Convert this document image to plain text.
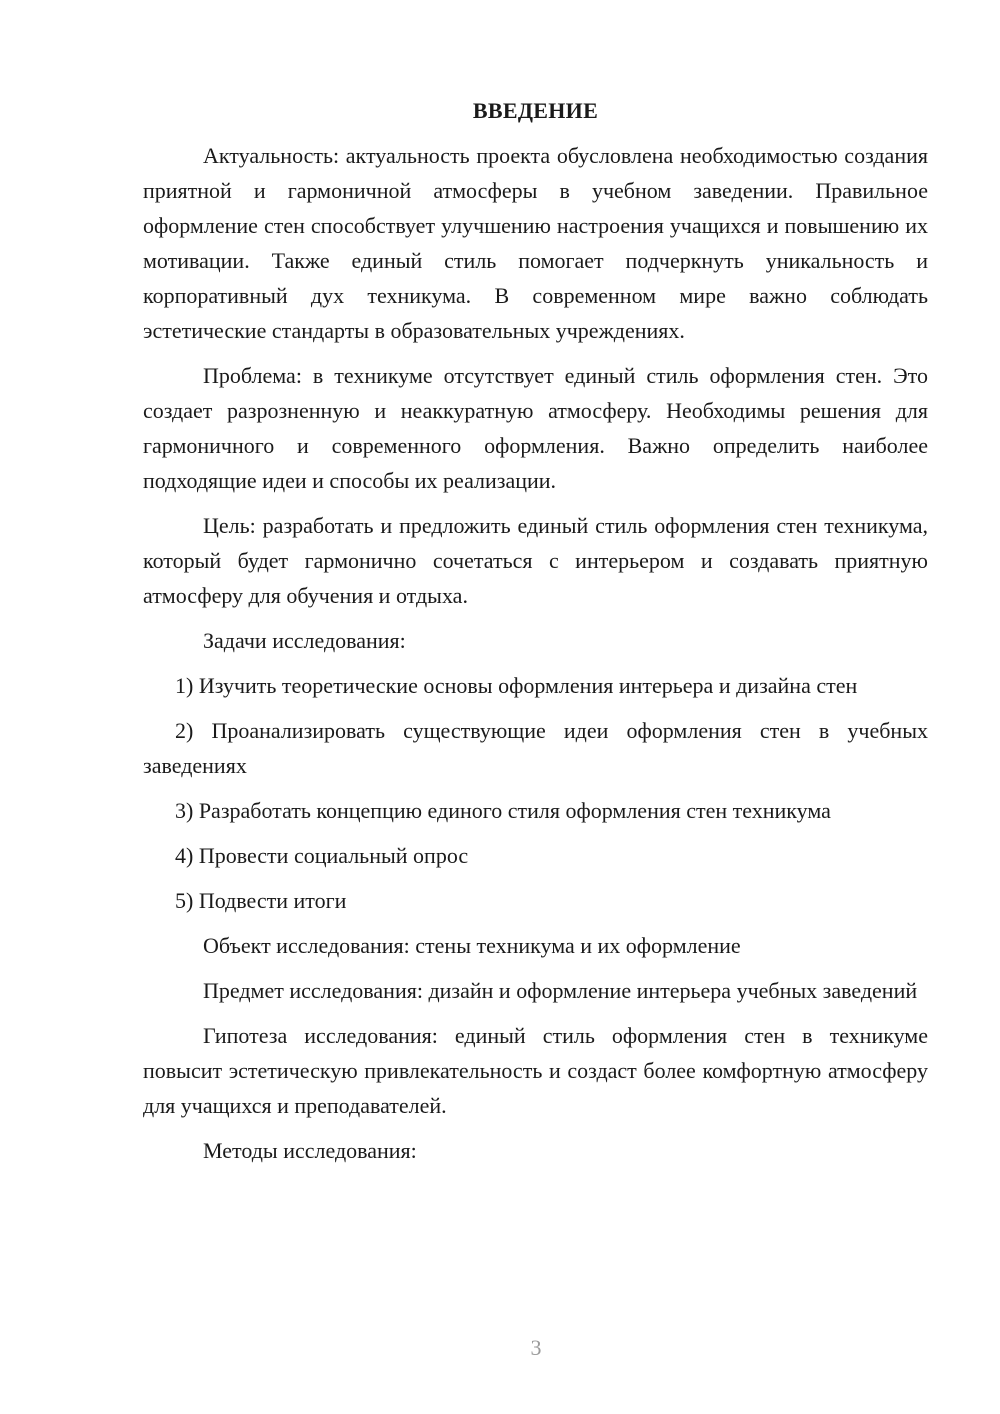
ВВЕДЕНИЕ

Актуальность: актуальность проекта обусловлена необходимостью создания приятной и гармоничной атмосферы в учебном заведении. Правильное оформление стен способствует улучшению настроения учащихся и повышению их мотивации. Также единый стиль помогает подчеркнуть уникальность и корпоративный дух техникума. В современном мире важно соблюдать эстетические стандарты в образовательных учреждениях.

Проблема: в техникуме отсутствует единый стиль оформления стен. Это создает разрозненную и неаккуратную атмосферу. Необходимы решения для гармоничного и современного оформления. Важно определить наиболее подходящие идеи и способы их реализации.

Цель: разработать и предложить единый стиль оформления стен техникума, который будет гармонично сочетаться с интерьером и создавать приятную атмосферу для обучения и отдыха.

Задачи исследования:

1) Изучить теоретические основы оформления интерьера и дизайна стен

2) Проанализировать существующие идеи оформления стен в учебных заведениях

3) Разработать концепцию единого стиля оформления стен техникума

4) Провести социальный опрос

5) Подвести итоги

Объект исследования: стены техникума и их оформление

Предмет исследования: дизайн и оформление интерьера учебных заведений

Гипотеза исследования: единый стиль оформления стен в техникуме повысит эстетическую привлекательность и создаст более комфортную атмосферу для учащихся и преподавателей.

Методы исследования:

3
